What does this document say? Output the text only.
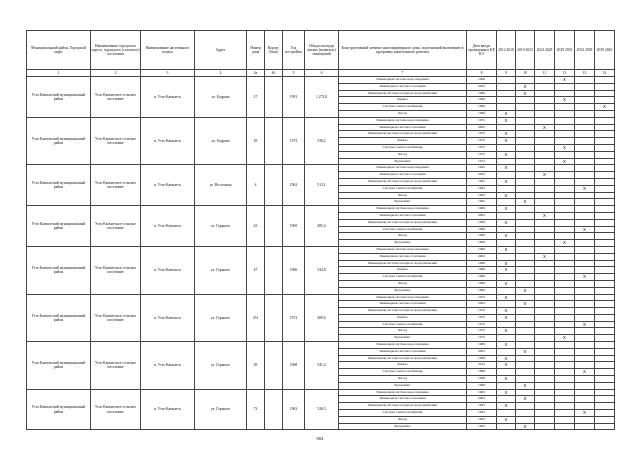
Муниципальный район, Городской округ	Наименование городского округа, городского (сельского) поселения	Наименование населенного пункта	Адрес	Номер дома	Корпус (блок)	Год постройки	Общая площадь жилых (нежилых) помещений	Конструктивный элемент многоквартирного дома, подлежащий включению в программу капитального ремонта	Дата ввода/ проведения к КР КЭ	2014 2018	2019 2023	2024 2028	2029 2033	2034 2038	2039 2043
1	2	3	4	4а	4б	5	6	7	8	9	10	11	12	13	14
Усть-Камчатский муниципальный район	Усть-Камчатское сельское поселение	п. Усть-Камчатск	ул. Бодрова	27		1991	1 272,8	Инженерная система водоотведения	1996				X		
								Инженерная система отопления	2002		X				
								Инженерная система холодного водоснабжения	1996		X				
								Крыша	1996				X		
								Система электроснабжения	1996						X
								Фасад	1996	X					
Усть-Камчатский муниципальный район	Усть-Камчатское сельское поселение	п. Усть-Камчатск	ул. Бодрова	29		1972	538,2	Инженерная система водоотведения	1972	X					
								Инженерная система отопления	2002			X			
								Инженерная система холодного водоснабжения	1972	X					
								Крыша	1972	X					
								Система электроснабжения	1972				X		
								Фасад	1972	X					
								Фундамент	1972				X		
Усть-Камчатский муниципальный район	Усть-Камчатское сельское поселение	п. Усть-Камчатск	ул. Восточная	4		1962	513,1	Инженерная система водоотведения	1962	X					
								Инженерная система отопления	2002			X			
								Инженерная система холодного водоснабжения	1962	X					
								Система электроснабжения	1962					X	
								Фасад	1962	X					
								Фундамент	1962		X				
Усть-Камчатский муниципальный район	Усть-Камчатское сельское поселение	п. Усть-Камчатск	ул. Горького	43		1969	485,4	Инженерная система водоотведения	1969	X					
								Инженерная система отопления	2002			X			
								Инженерная система холодного водоснабжения	1969	X					
								Система электроснабжения	1969					X	
								Фасад	1969	X					
								Фундамент	1969				X		
Усть-Камчатский муниципальный район	Усть-Камчатское сельское поселение	п. Усть-Камчатск	ул. Горького	47		1966	544,8	Инженерная система водоотведения	1966	X					
								Инженерная система отопления	2002			X			
								Инженерная система холодного водоснабжения	1966	X					
								Крыша	1966	X					
								Система электроснабжения	1966					X	
								Фасад	1966	X					
								Фундамент	1966		X				
Усть-Камчатский муниципальный район	Усть-Камчатское сельское поселение	п. Усть-Камчатск	ул. Горького	47а		1972	489,6	Инженерная система водоотведения	1972	X					
								Инженерная система отопления	2002		X				
								Инженерная система холодного водоснабжения	1972	X					
								Крыша	1972	X					
								Система электроснабжения	1972					X	
								Фасад	1972	X					
								Фундамент	1972				X		
Усть-Камчатский муниципальный район	Усть-Камчатское сельское поселение	п. Усть-Камчатск	ул. Горького	49		1968	541,4	Инженерная система водоотведения	1968	X					
								Инженерная система отопления	2002		X				
								Инженерная система холодного водоснабжения	1968	X					
								Крыша	2014	X					
								Система электроснабжения	1968					X	
								Фасад	1968	X					
								Фундамент	1968		X				
Усть-Камчатский муниципальный район	Усть-Камчатское сельское поселение	п. Усть-Камчатск	ул. Горького	72		1963	526,5	Инженерная система водоотведения	1963	X					
								Инженерная система отопления	2002		X				
								Инженерная система холодного водоснабжения	1963	X					
								Система электроснабжения	1963					X	
								Фасад	1963	X					
								Фундамент	1963		X				
804
